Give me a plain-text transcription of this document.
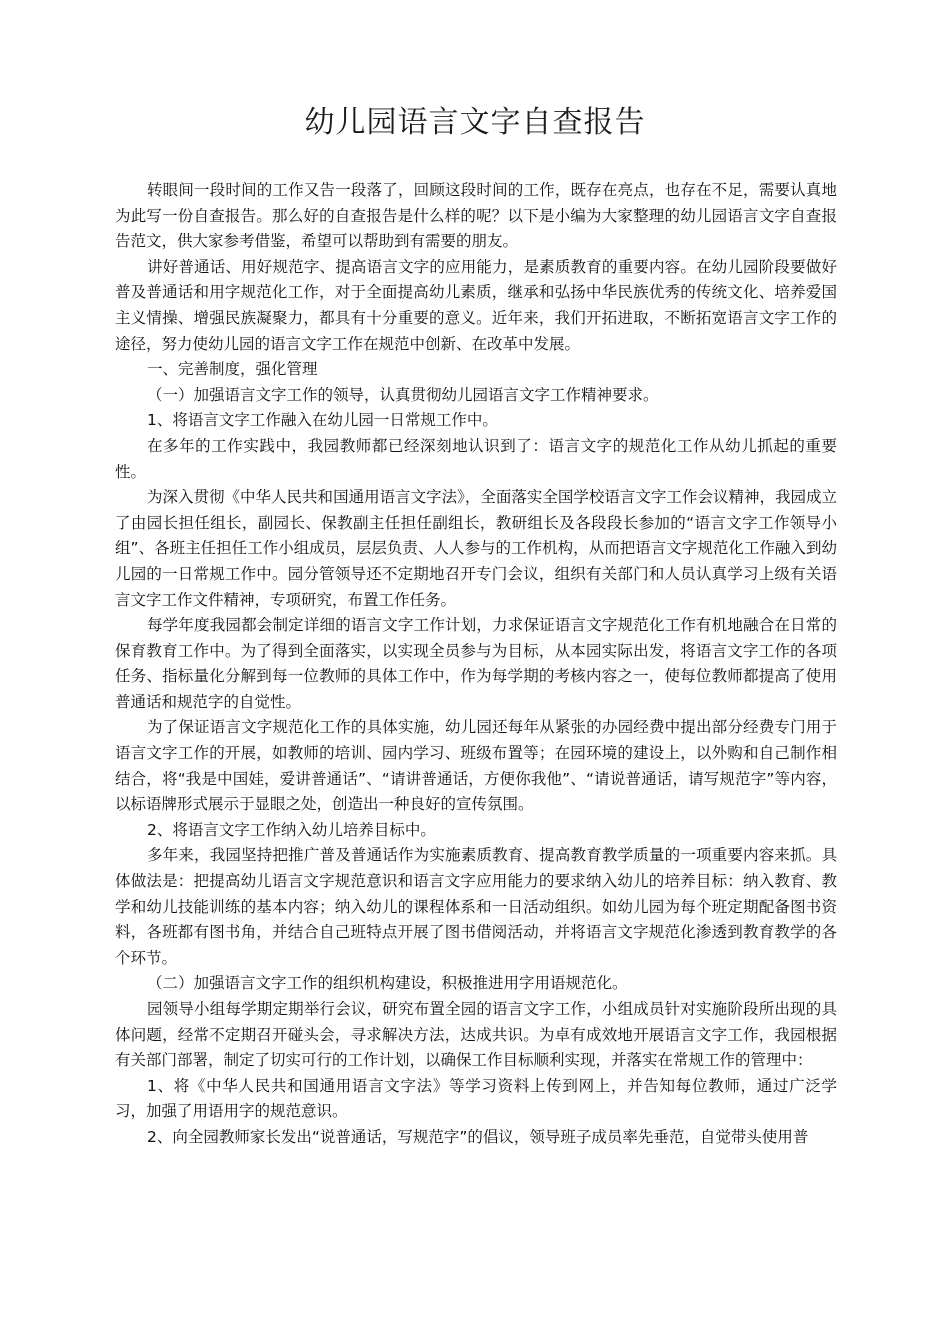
幼儿园语言文字自查报告

转眼间一段时间的工作又告一段落了，回顾这段时间的工作，既存在亮点，也存在不足，需要认真地为此写一份自查报告。那么好的自查报告是什么样的呢？以下是小编为大家整理的幼儿园语言文字自查报告范文，供大家参考借鉴，希望可以帮助到有需要的朋友。

讲好普通话、用好规范字、提高语言文字的应用能力，是素质教育的重要内容。在幼儿园阶段要做好普及普通话和用字规范化工作，对于全面提高幼儿素质，继承和弘扬中华民族优秀的传统文化、培养爱国主义情操、增强民族凝聚力，都具有十分重要的意义。近年来，我们开拓进取，不断拓宽语言文字工作的途径，努力使幼儿园的语言文字工作在规范中创新、在改革中发展。

一、完善制度，强化管理

（一）加强语言文字工作的领导，认真贯彻幼儿园语言文字工作精神要求。

1、将语言文字工作融入在幼儿园一日常规工作中。

在多年的工作实践中，我园教师都已经深刻地认识到了：语言文字的规范化工作从幼儿抓起的重要性。

为深入贯彻《中华人民共和国通用语言文字法》，全面落实全国学校语言文字工作会议精神，我园成立了由园长担任组长，副园长、保教副主任担任副组长，教研组长及各段段长参加的“语言文字工作领导小组”、各班主任担任工作小组成员，层层负责、人人参与的工作机构，从而把语言文字规范化工作融入到幼儿园的一日常规工作中。园分管领导还不定期地召开专门会议，组织有关部门和人员认真学习上级有关语言文字工作文件精神，专项研究，布置工作任务。

每学年度我园都会制定详细的语言文字工作计划，力求保证语言文字规范化工作有机地融合在日常的保育教育工作中。为了得到全面落实，以实现全员参与为目标，从本园实际出发，将语言文字工作的各项任务、指标量化分解到每一位教师的具体工作中，作为每学期的考核内容之一，使每位教师都提高了使用普通话和规范字的自觉性。

为了保证语言文字规范化工作的具体实施，幼儿园还每年从紧张的办园经费中提出部分经费专门用于语言文字工作的开展，如教师的培训、园内学习、班级布置等；在园环境的建设上，以外购和自己制作相结合，将“我是中国娃，爱讲普通话”、“请讲普通话，方便你我他”、“请说普通话，请写规范字”等内容，以标语牌形式展示于显眼之处，创造出一种良好的宣传氛围。

2、将语言文字工作纳入幼儿培养目标中。

多年来，我园坚持把推广普及普通话作为实施素质教育、提高教育教学质量的一项重要内容来抓。具体做法是：把提高幼儿语言文字规范意识和语言文字应用能力的要求纳入幼儿的培养目标：纳入教育、教学和幼儿技能训练的基本内容；纳入幼儿的课程体系和一日活动组织。如幼儿园为每个班定期配备图书资料，各班都有图书角，并结合自己班特点开展了图书借阅活动，并将语言文字规范化渗透到教育教学的各个环节。

（二）加强语言文字工作的组织机构建设，积极推进用字用语规范化。

园领导小组每学期定期举行会议，研究布置全园的语言文字工作，小组成员针对实施阶段所出现的具体问题，经常不定期召开碰头会，寻求解决方法，达成共识。为卓有成效地开展语言文字工作，我园根据有关部门部署，制定了切实可行的工作计划，以确保工作目标顺利实现，并落实在常规工作的管理中：

1、将《中华人民共和国通用语言文字法》等学习资料上传到网上，并告知每位教师，通过广泛学习，加强了用语用字的规范意识。

2、向全园教师家长发出“说普通话，写规范字”的倡议，领导班子成员率先垂范，自觉带头使用普
